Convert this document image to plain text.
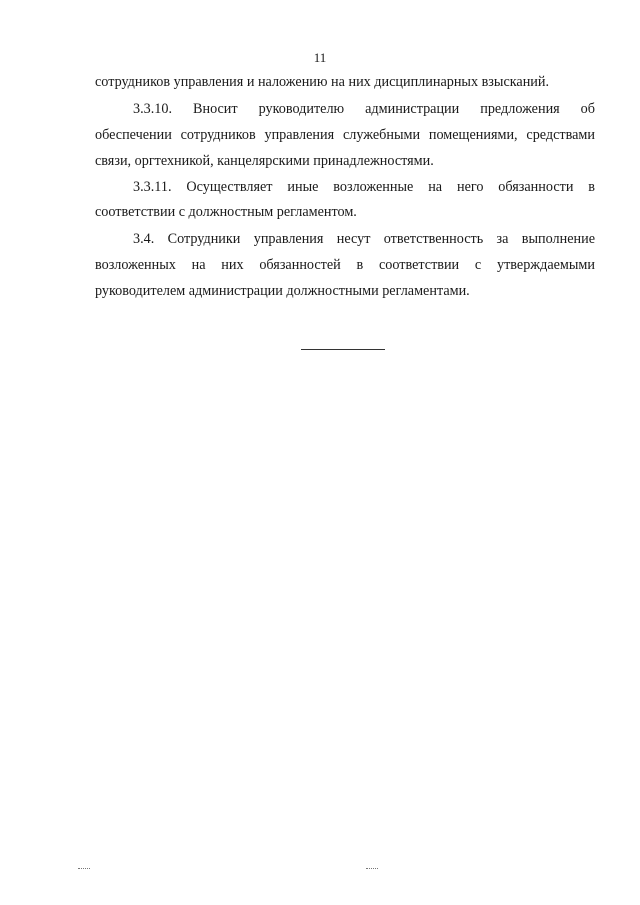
11

сотрудников управления и наложению на них дисциплинарных взысканий.

3.3.10. Вносит руководителю администрации предложения об

обеспечении сотрудников управления служебными помещениями, средствами

связи, оргтехникой, канцелярскими принадлежностями.

3.3.11. Осуществляет иные возложенные на него обязанности в

соответствии с должностным регламентом.

3.4. Сотрудники управления несут ответственность за выполнение

возложенных на них обязанностей в соответствии с утверждаемыми

руководителем администрации должностными регламентами.
